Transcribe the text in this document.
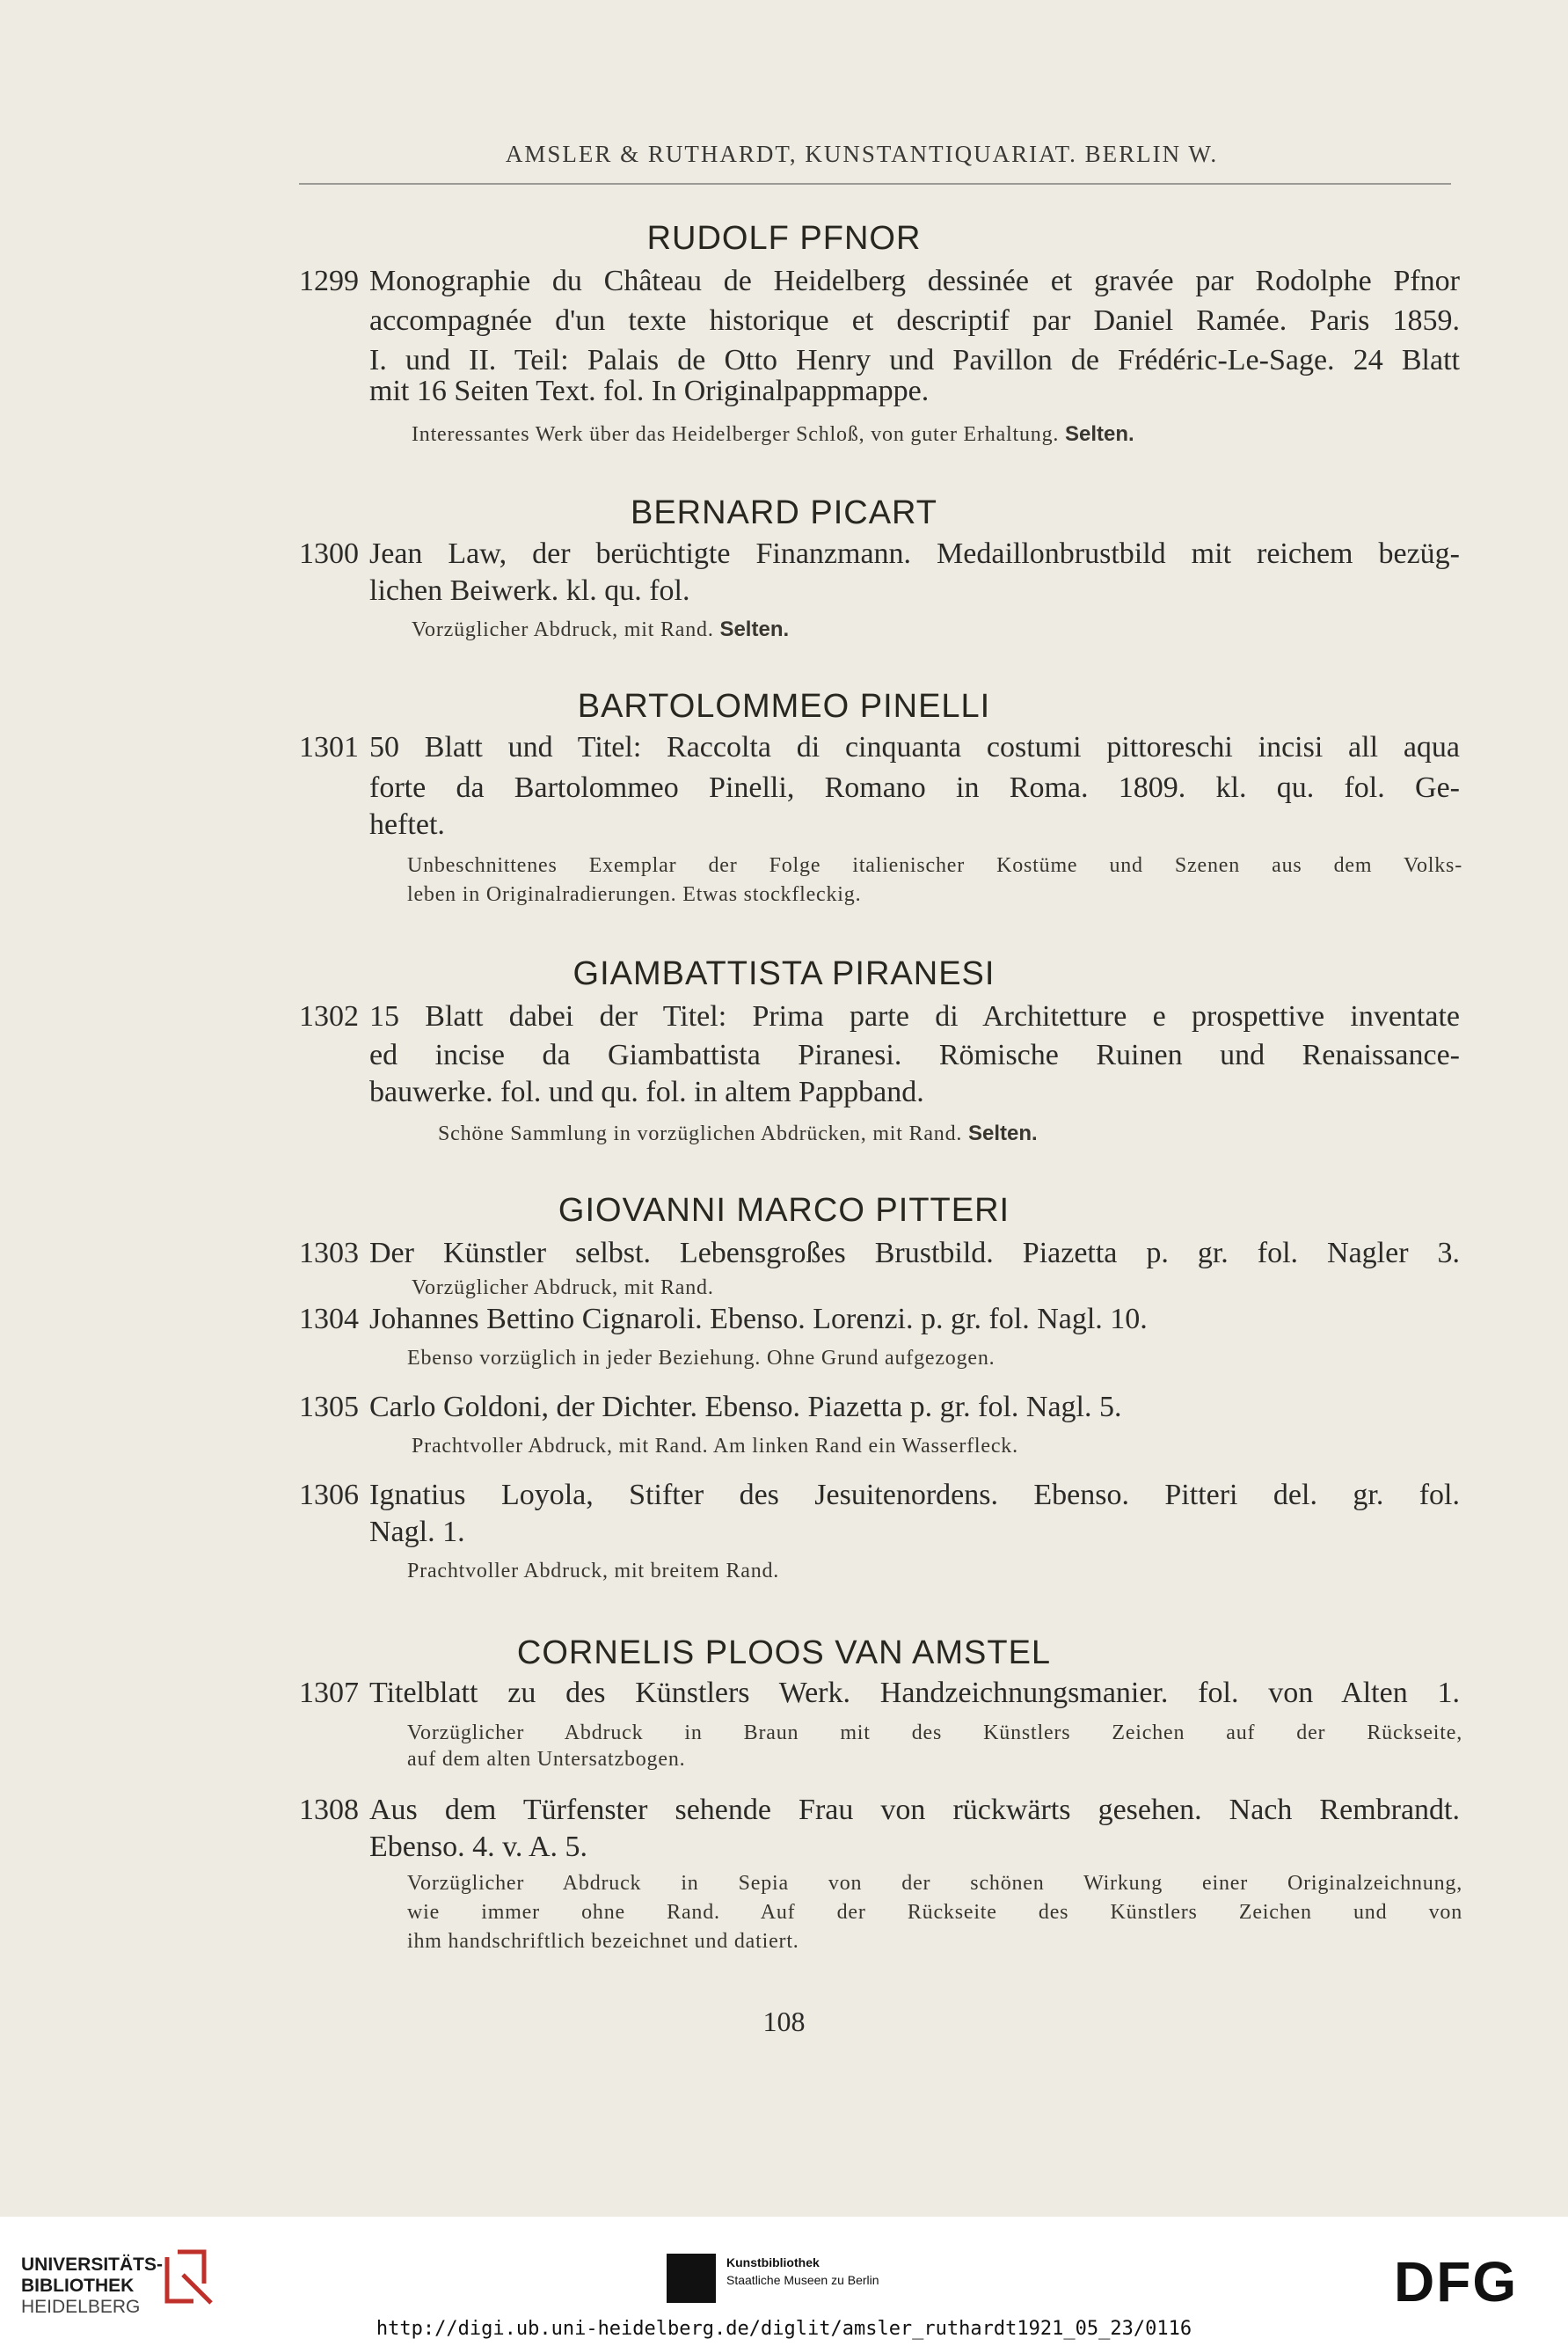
AMSLER & RUTHARDT, KUNSTANTIQUARIAT. BERLIN W.
RUDOLF PFNOR
1299 Monographie du Château de Heidelberg dessinée et gravée par Rodolphe Pfnor
accompagnée d'un texte historique et descriptif par Daniel Ramée. Paris 1859.
I. und II. Teil: Palais de Otto Henry und Pavillon de Frédéric-Le-Sage. 24 Blatt
mit 16 Seiten Text. fol. In Originalpappmappe.
Interessantes Werk über das Heidelberger Schloß, von guter Erhaltung. Selten.
BERNARD PICART
1300 Jean Law, der berüchtigte Finanzmann. Medaillonbrustbild mit reichem bezüg-
lichen Beiwerk. kl. qu. fol.
Vorzüglicher Abdruck, mit Rand. Selten.
BARTOLOMMEO PINELLI
1301 50 Blatt und Titel: Raccolta di cinquanta costumi pittoreschi incisi all aqua
forte da Bartolommeo Pinelli, Romano in Roma. 1809. kl. qu. fol. Ge-
heftet.
Unbeschnittenes Exemplar der Folge italienischer Kostüme und Szenen aus dem Volks-
leben in Originalradierungen. Etwas stockfleckig.
GIAMBATTISTA PIRANESI
1302 15 Blatt dabei der Titel: Prima parte di Architetture e prospettive inventate
ed incise da Giambattista Piranesi. Römische Ruinen und Renaissance-
bauwerke. fol. und qu. fol. in altem Pappband.
Schöne Sammlung in vorzüglichen Abdrücken, mit Rand. Selten.
GIOVANNI MARCO PITTERI
1303 Der Künstler selbst. Lebensgroßes Brustbild. Piazetta p. gr. fol. Nagler 3.
Vorzüglicher Abdruck, mit Rand.
1304 Johannes Bettino Cignaroli. Ebenso. Lorenzi. p. gr. fol. Nagl. 10.
Ebenso vorzüglich in jeder Beziehung. Ohne Grund aufgezogen.
1305 Carlo Goldoni, der Dichter. Ebenso. Piazetta p. gr. fol. Nagl. 5.
Prachtvoller Abdruck, mit Rand. Am linken Rand ein Wasserfleck.
1306 Ignatius Loyola, Stifter des Jesuitenordens. Ebenso. Pitteri del. gr. fol.
Nagl. 1.
Prachtvoller Abdruck, mit breitem Rand.
CORNELIS PLOOS VAN AMSTEL
1307 Titelblatt zu des Künstlers Werk. Handzeichnungsmanier. fol. von Alten 1.
Vorzüglicher Abdruck in Braun mit des Künstlers Zeichen auf der Rückseite,
auf dem alten Untersatzbogen.
1308 Aus dem Türfenster sehende Frau von rückwärts gesehen. Nach Rembrandt.
Ebenso. 4. v. A. 5.
Vorzüglicher Abdruck in Sepia von der schönen Wirkung einer Originalzeichnung,
wie immer ohne Rand. Auf der Rückseite des Künstlers Zeichen und von
ihm handschriftlich bezeichnet und datiert.
108
UNIVERSITÄTS-
BIBLIOTHEK
HEIDELBERG
Kunstbibliothek
Staatliche Museen zu Berlin	DFG
http://digi.ub.uni-heidelberg.de/diglit/amsler_ruthardt1921_05_23/0116
